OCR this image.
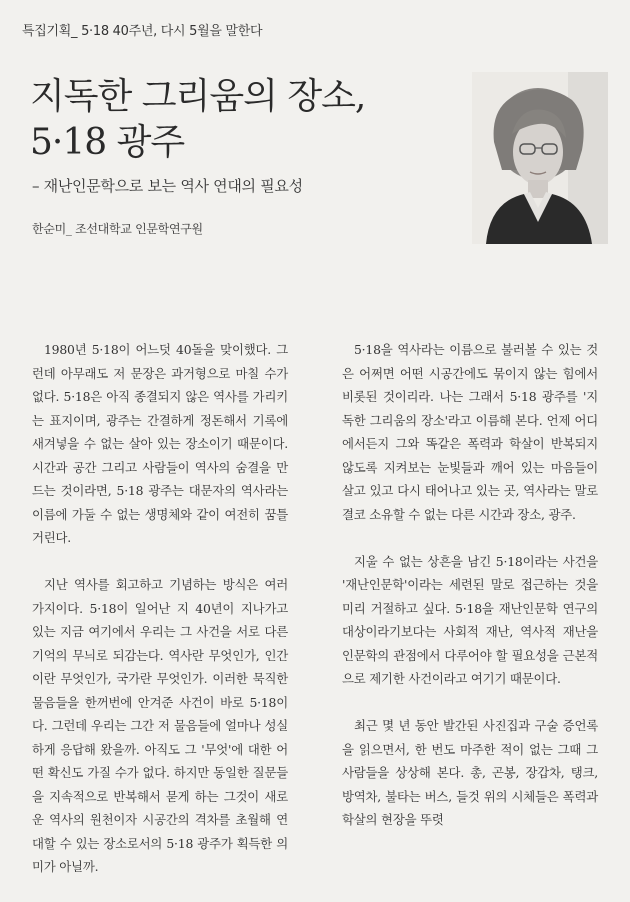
특집기획_ 5·18 40주년, 다시 5월을 말한다
지독한 그리움의 장소,
5·18 광주
– 재난인문학으로 보는 역사 연대의 필요성
한순미_ 조선대학교 인문학연구원

1980년 5·18이 어느덧 40돌을 맞이했다. 그런데 아무래도 저 문장은 과거형으로 마칠 수가 없다. 5·18은 아직 종결되지 않은 역사를 가리키는 표지이며, 광주는 간결하게 정돈해서 기록에 새겨넣을 수 없는 살아 있는 장소이기 때문이다. 시간과 공간 그리고 사람들이 역사의 숨결을 만드는 것이라면, 5·18 광주는 대문자의 역사라는 이름에 가둘 수 없는 생명체와 같이 여전히 꿈틀거린다.

지난 역사를 회고하고 기념하는 방식은 여러 가지이다. 5·18이 일어난 지 40년이 지나가고 있는 지금 여기에서 우리는 그 사건을 서로 다른 기억의 무늬로 되감는다. 역사란 무엇인가, 인간이란 무엇인가, 국가란 무엇인가. 이러한 묵직한 물음들을 한꺼번에 안겨준 사건이 바로 5·18이다. 그런데 우리는 그간 저 물음들에 얼마나 성실하게 응답해 왔을까. 아직도 그 '무엇'에 대한 어떤 확신도 가질 수가 없다. 하지만 동일한 질문들을 지속적으로 반복해서 묻게 하는 그것이 새로운 역사의 원천이자 시공간의 격차를 초월해 연대할 수 있는 장소로서의 5·18 광주가 획득한 의미가 아닐까.

5·18을 역사라는 이름으로 불러볼 수 있는 것은 어쩌면 어떤 시공간에도 묶이지 않는 힘에서 비롯된 것이리라. 나는 그래서 5·18 광주를 '지독한 그리움의 장소'라고 이름해 본다. 언제 어디에서든지 그와 똑같은 폭력과 학살이 반복되지 않도록 지켜보는 눈빛들과 깨어 있는 마음들이 살고 있고 다시 태어나고 있는 곳, 역사라는 말로 결코 소유할 수 없는 다른 시간과 장소, 광주.

지울 수 없는 상흔을 남긴 5·18이라는 사건을 '재난인문학'이라는 세련된 말로 접근하는 것을 미리 거절하고 싶다. 5·18을 재난인문학 연구의 대상이라기보다는 사회적 재난, 역사적 재난을 인문학의 관점에서 다루어야 할 필요성을 근본적으로 제기한 사건이라고 여기기 때문이다.

최근 몇 년 동안 발간된 사진집과 구술 증언록을 읽으면서, 한 번도 마주한 적이 없는 그때 그 사람들을 상상해 본다. 총, 곤봉, 장갑차, 탱크, 방역차, 불타는 버스, 들것 위의 시체들은 폭력과 학살의 현장을 뚜렷
